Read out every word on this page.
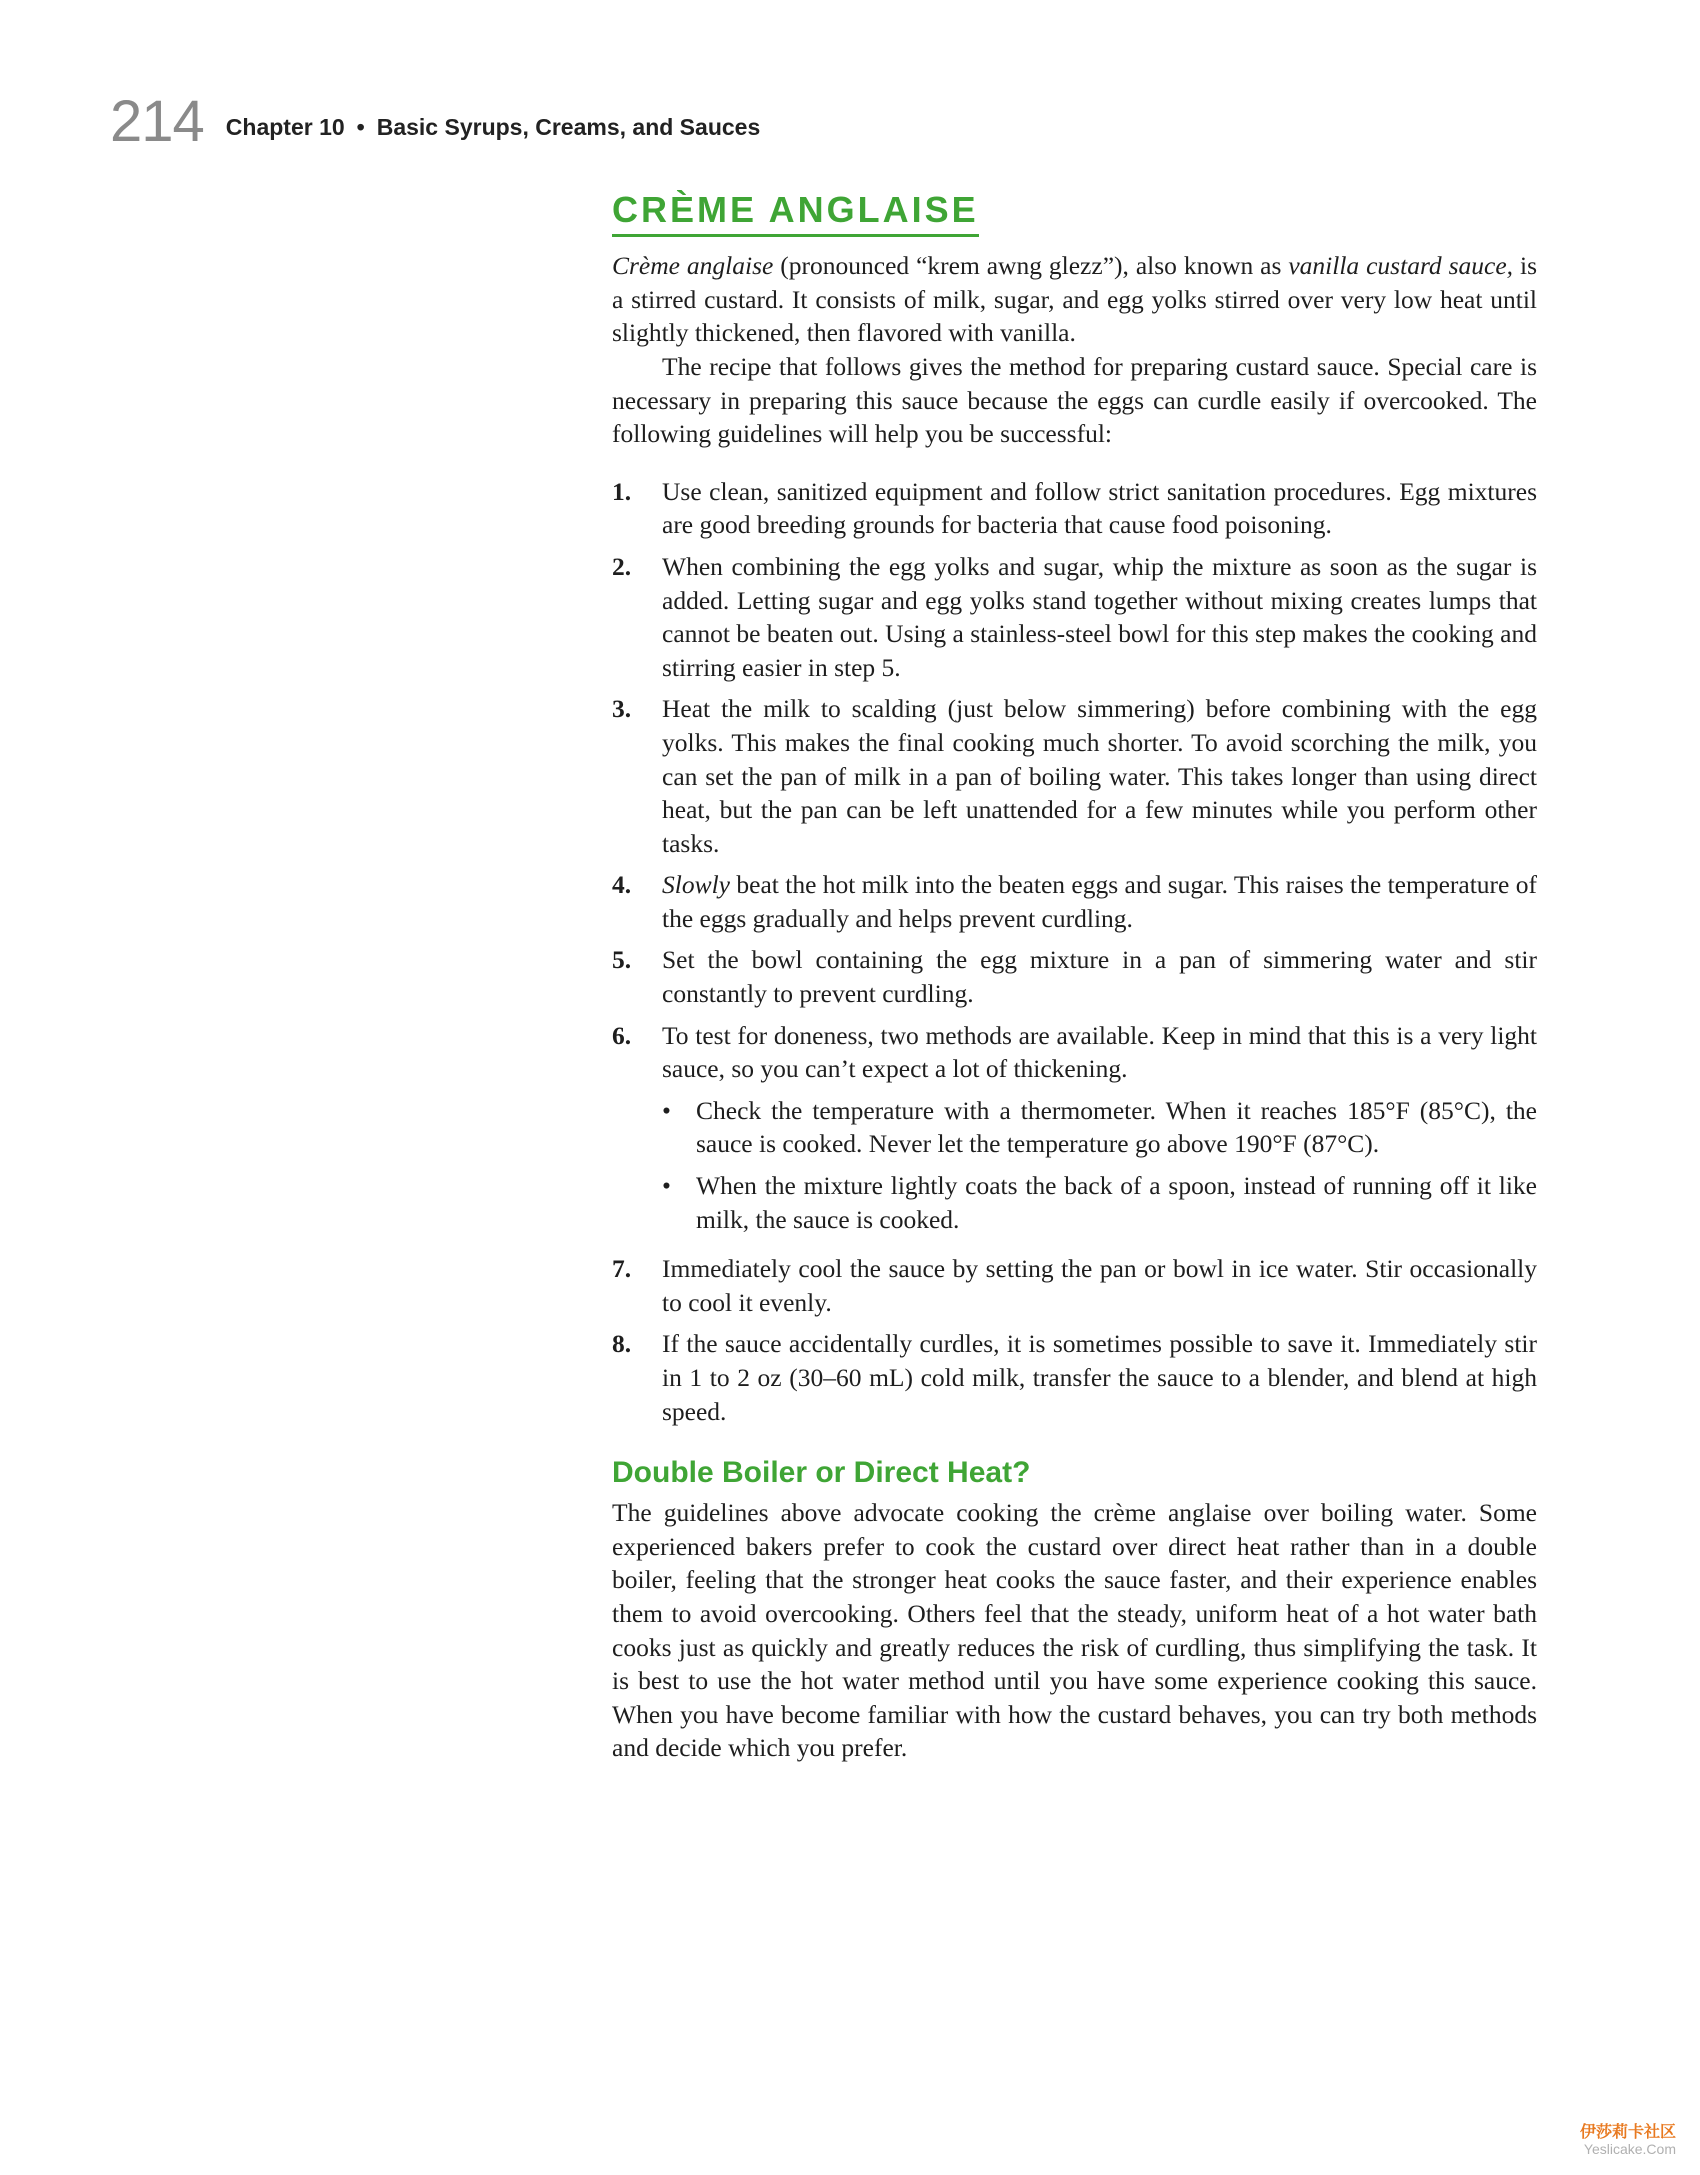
214 Chapter 10 • Basic Syrups, Creams, and Sauces
CRÈME ANGLAISE

Crème anglaise (pronounced “krem awng glezz”), also known as vanilla custard sauce, is a stirred custard. It consists of milk, sugar, and egg yolks stirred over very low heat until slightly thickened, then flavored with vanilla.

The recipe that follows gives the method for preparing custard sauce. Special care is necessary in preparing this sauce because the eggs can curdle easily if overcooked. The following guidelines will help you be successful:

1.	Use clean, sanitized equipment and follow strict sanitation procedures. Egg mixtures are good breeding grounds for bacteria that cause food poisoning.

2.	When combining the egg yolks and sugar, whip the mixture as soon as the sugar is added. Letting sugar and egg yolks stand together without mixing creates lumps that cannot be beaten out. Using a stainless-steel bowl for this step makes the cooking and stirring easier in step 5.

3.	Heat the milk to scalding (just below simmering) before combining with the egg yolks. This makes the final cooking much shorter. To avoid scorching the milk, you can set the pan of milk in a pan of boiling water. This takes longer than using direct heat, but the pan can be left unattended for a few minutes while you perform other tasks.

4.	Slowly beat the hot milk into the beaten eggs and sugar. This raises the temperature of the eggs gradually and helps prevent curdling.

5.	Set the bowl containing the egg mixture in a pan of simmering water and stir constantly to prevent curdling.

6.	To test for doneness, two methods are available. Keep in mind that this is a very light sauce, so you can’t expect a lot of thickening.

• Check the temperature with a thermometer. When it reaches 185°F (85°C), the sauce is cooked. Never let the temperature go above 190°F (87°C).
• When the mixture lightly coats the back of a spoon, instead of running off it like milk, the sauce is cooked.
7.	Immediately cool the sauce by setting the pan or bowl in ice water. Stir occasionally to cool it evenly.

8.	If the sauce accidentally curdles, it is sometimes possible to save it. Immediately stir in 1 to 2 oz (30–60 mL) cold milk, transfer the sauce to a blender, and blend at high speed.

Double Boiler or Direct Heat?

The guidelines above advocate cooking the crème anglaise over boiling water. Some experienced bakers prefer to cook the custard over direct heat rather than in a double boiler, feeling that the stronger heat cooks the sauce faster, and their experience enables them to avoid overcooking. Others feel that the steady, uniform heat of a hot water bath cooks just as quickly and greatly reduces the risk of curdling, thus simplifying the task. It is best to use the hot water method until you have some experience cooking this sauce. When you have become familiar with how the custard behaves, you can try both methods and decide which you prefer.

伊莎莉卡社区
Yeslicake.Com
